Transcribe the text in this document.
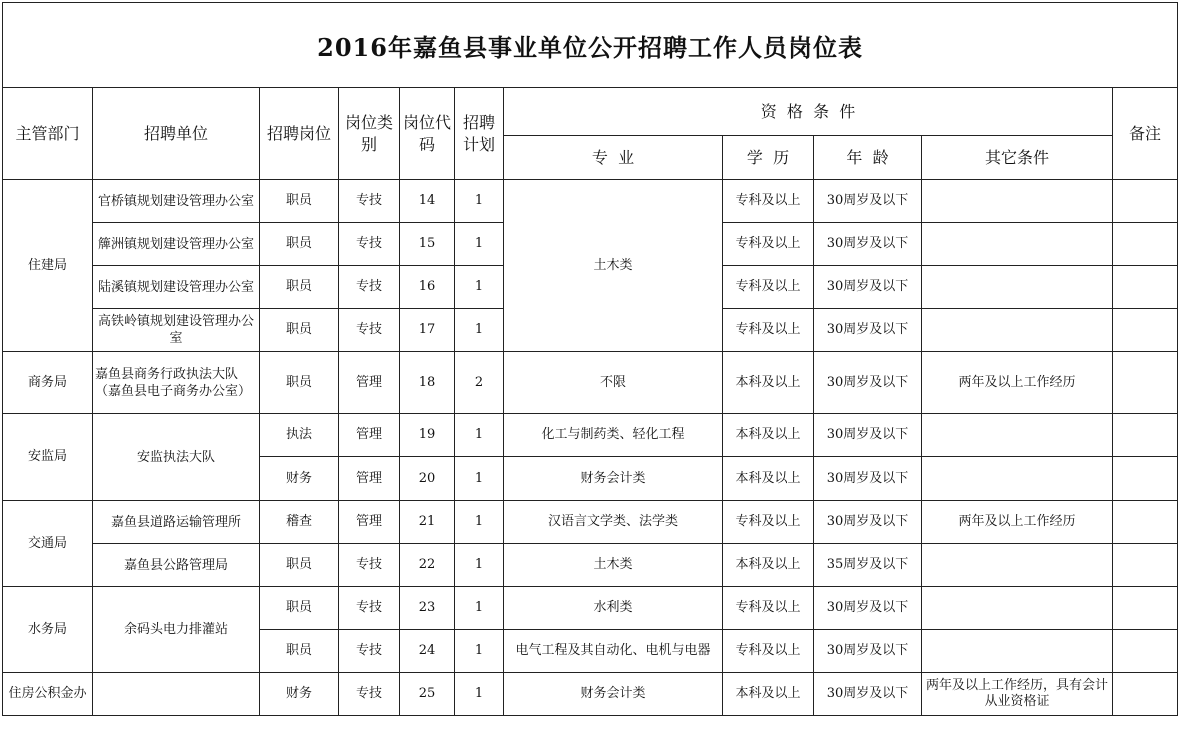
2016年嘉鱼县事业单位公开招聘工作人员岗位表										
主管部门	招聘单位	招聘岗位	岗位类别	岗位代码	招聘计划	资  格  条  件				备注
						专  业	学  历	年  龄	其它条件	
住建局	官桥镇规划建设管理办公室	职员	专技	14	1	土木类	专科及以上	30周岁及以下		
	簰洲镇规划建设管理办公室	职员	专技	15	1		专科及以上	30周岁及以下		
	陆溪镇规划建设管理办公室	职员	专技	16	1		专科及以上	30周岁及以下		
	高铁岭镇规划建设管理办公室	职员	专技	17	1		专科及以上	30周岁及以下		
商务局	嘉鱼县商务行政执法大队（嘉鱼县电子商务办公室）	职员	管理	18	2	不限	本科及以上	30周岁及以下	两年及以上工作经历	
安监局	安监执法大队	执法	管理	19	1	化工与制药类、轻化工程	本科及以上	30周岁及以下		
		财务	管理	20	1	财务会计类	本科及以上	30周岁及以下		
交通局	嘉鱼县道路运输管理所	稽查	管理	21	1	汉语言文学类、法学类	专科及以上	30周岁及以下	两年及以上工作经历	
	嘉鱼县公路管理局	职员	专技	22	1	土木类	本科及以上	35周岁及以下		
水务局	余码头电力排灌站	职员	专技	23	1	水利类	专科及以上	30周岁及以下		
		职员	专技	24	1	电气工程及其自动化、电机与电器	专科及以上	30周岁及以下		
住房公积金办		财务	专技	25	1	财务会计类	本科及以上	30周岁及以下	两年及以上工作经历，具有会计从业资格证	
